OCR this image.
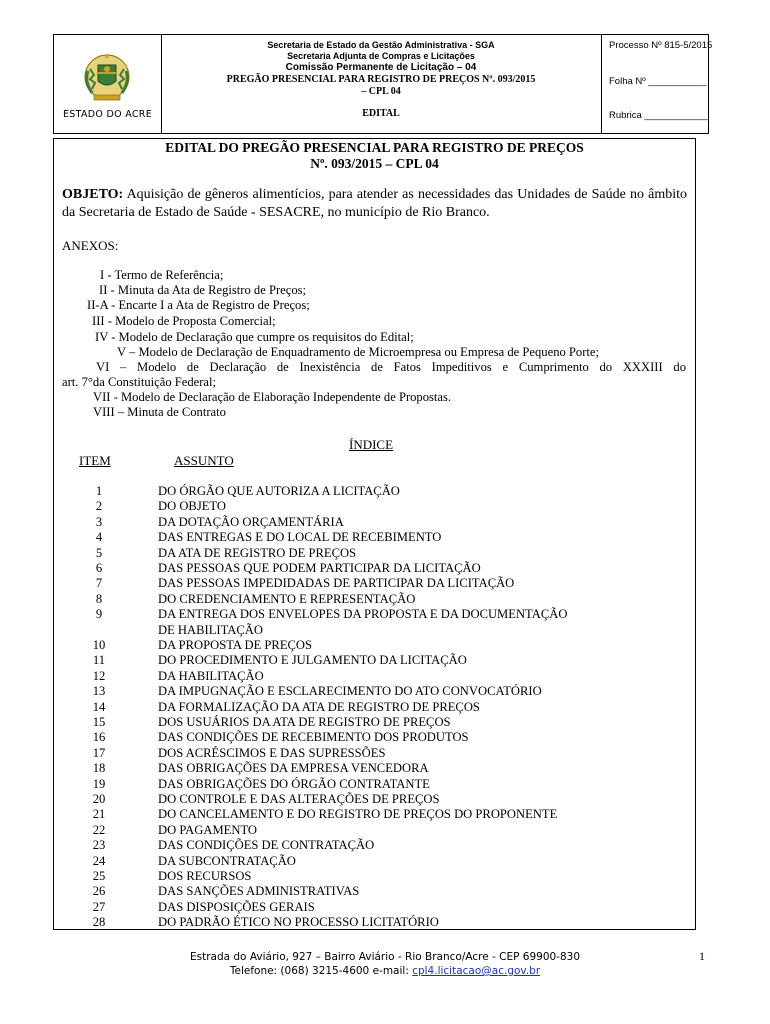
ESTADO DO ACRE
Secretaria de Estado da Gestão Administrativa - SGA
Secretaria Adjunta de Compras e Licitações
Comissão Permanente de Licitação – 04
PREGÃO PRESENCIAL PARA REGISTRO DE PREÇOS Nº. 093/2015
– CPL 04
EDITAL
Processo Nº 815-5/2015
Folha Nº ___________
Rubrica ____________
EDITAL DO PREGÃO PRESENCIAL PARA REGISTRO DE PREÇOS
Nº. 093/2015 – CPL 04
OBJETO: Aquisição de gêneros alimentícios, para atender as necessidades das Unidades de Saúde no âmbito da Secretaria de Estado de Saúde - SESACRE, no município de Rio Branco.
ANEXOS:
I - Termo de Referência;
II - Minuta da Ata de Registro de Preços;
II-A - Encarte I a Ata de Registro de Preços;
III - Modelo de Proposta Comercial;
IV - Modelo de Declaração que cumpre os requisitos do Edital;
V – Modelo de Declaração de Enquadramento de Microempresa ou Empresa de Pequeno Porte;
VI – Modelo de Declaração de Inexistência de Fatos Impeditivos e Cumprimento do XXXIII do
art. 7°da Constituição Federal;
VII - Modelo de Declaração de Elaboração Independente de Propostas.
VIII – Minuta de Contrato
ÍNDICE
ITEM	ASSUNTO
1	DO ÓRGÃO QUE AUTORIZA A LICITAÇÃO
2	DO OBJETO
3	DA DOTAÇÃO ORÇAMENTÁRIA
4	DAS ENTREGAS E DO LOCAL DE RECEBIMENTO
5	DA ATA DE REGISTRO DE PREÇOS
6	DAS PESSOAS QUE PODEM PARTICIPAR DA LICITAÇÃO
7	DAS PESSOAS IMPEDIDADAS DE PARTICIPAR DA LICITAÇÃO
8	DO CREDENCIAMENTO E REPRESENTAÇÃO
9	DA ENTREGA DOS ENVELOPES DA PROPOSTA E DA DOCUMENTAÇÃO
DE HABILITAÇÃO
10	DA PROPOSTA DE PREÇOS
11	DO PROCEDIMENTO E JULGAMENTO DA LICITAÇÃO
12	DA HABILITAÇÃO
13	DA IMPUGNAÇÃO E ESCLARECIMENTO DO ATO CONVOCATÓRIO
14	DA FORMALIZAÇÃO DA ATA DE REGISTRO DE PREÇOS
15	DOS USUÁRIOS DA ATA DE REGISTRO DE PREÇOS
16	DAS CONDIÇÕES DE RECEBIMENTO DOS PRODUTOS
17	DOS ACRÉSCIMOS E DAS SUPRESSÕES
18	DAS OBRIGAÇÕES DA EMPRESA VENCEDORA
19	DAS OBRIGAÇÕES DO ÓRGÃO CONTRATANTE
20	DO CONTROLE E DAS ALTERAÇÕES DE PREÇOS
21	DO CANCELAMENTO E DO REGISTRO DE PREÇOS DO PROPONENTE
22	DO PAGAMENTO
23	DAS CONDIÇÕES DE CONTRATAÇÃO
24	DA SUBCONTRATAÇÃO
25	DOS RECURSOS
26	DAS SANÇÕES ADMINISTRATIVAS
27	DAS DISPOSIÇÕES GERAIS
28	DO PADRÃO ÉTICO NO PROCESSO LICITATÓRIO
Estrada do Aviário, 927 – Bairro Aviário - Rio Branco/Acre - CEP 69900-830
Telefone: (068) 3215-4600 e-mail: cpl4.licitacao@ac.gov.br
1
